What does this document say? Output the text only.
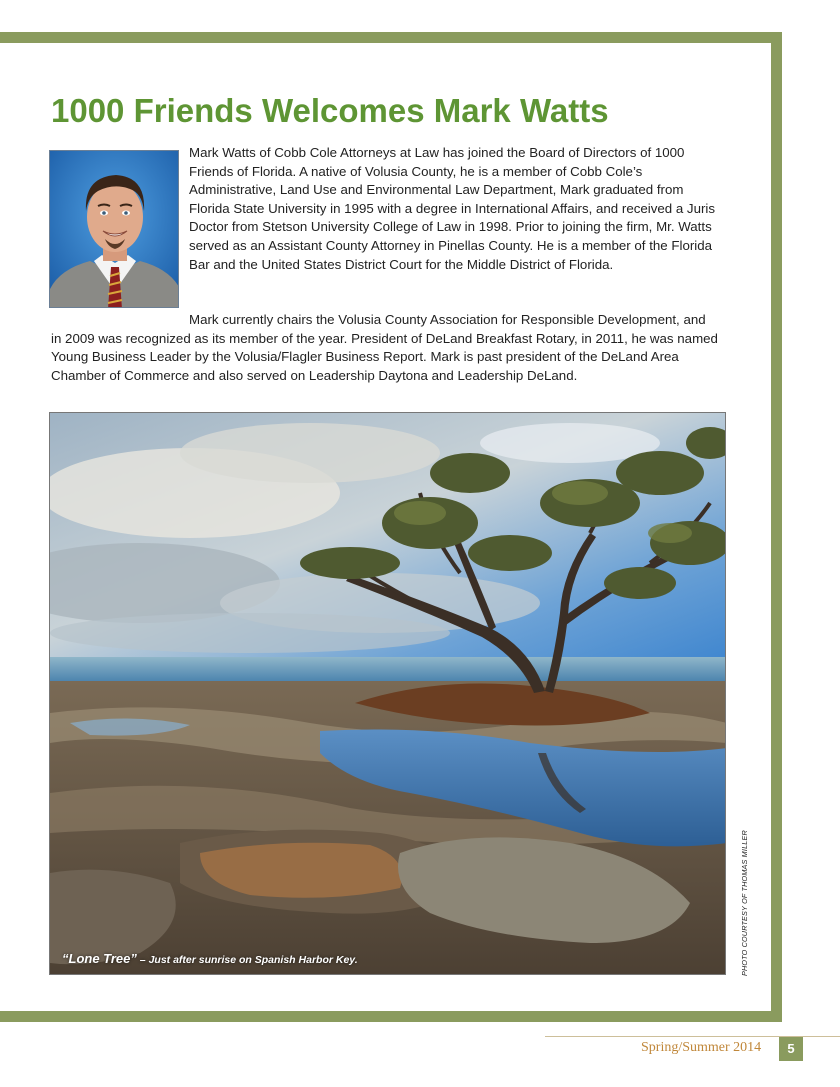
1000 Friends Welcomes Mark Watts

Mark Watts of Cobb Cole Attorneys at Law has joined the Board of Directors of 1000 Friends of Florida. A native of Volusia County, he is a member of Cobb Cole’s Administrative, Land Use and Environmental Law Department, Mark graduated from Florida State University in 1995 with a degree in International Affairs, and received a Juris Doctor from Stetson University College of Law in 1998. Prior to joining the firm, Mr. Watts served as an Assistant County Attorney in Pinellas County. He is a member of the Florida Bar and the United States District Court for the Middle District of Florida.

Mark currently chairs the Volusia County Association for Responsible Development, and in 2009 was recognized as its member of the year. President of DeLand Breakfast Rotary, in 2011, he was named Young Business Leader by the Volusia/Flagler Business Report. Mark is past president of the DeLand Area Chamber of Commerce and also served on Leadership Daytona and Leadership DeLand.

“Lone Tree” – Just after sunrise on Spanish Harbor Key.	PHOTO COURTESY OF THOMAS MILLER
Spring/Summer 2014	5
